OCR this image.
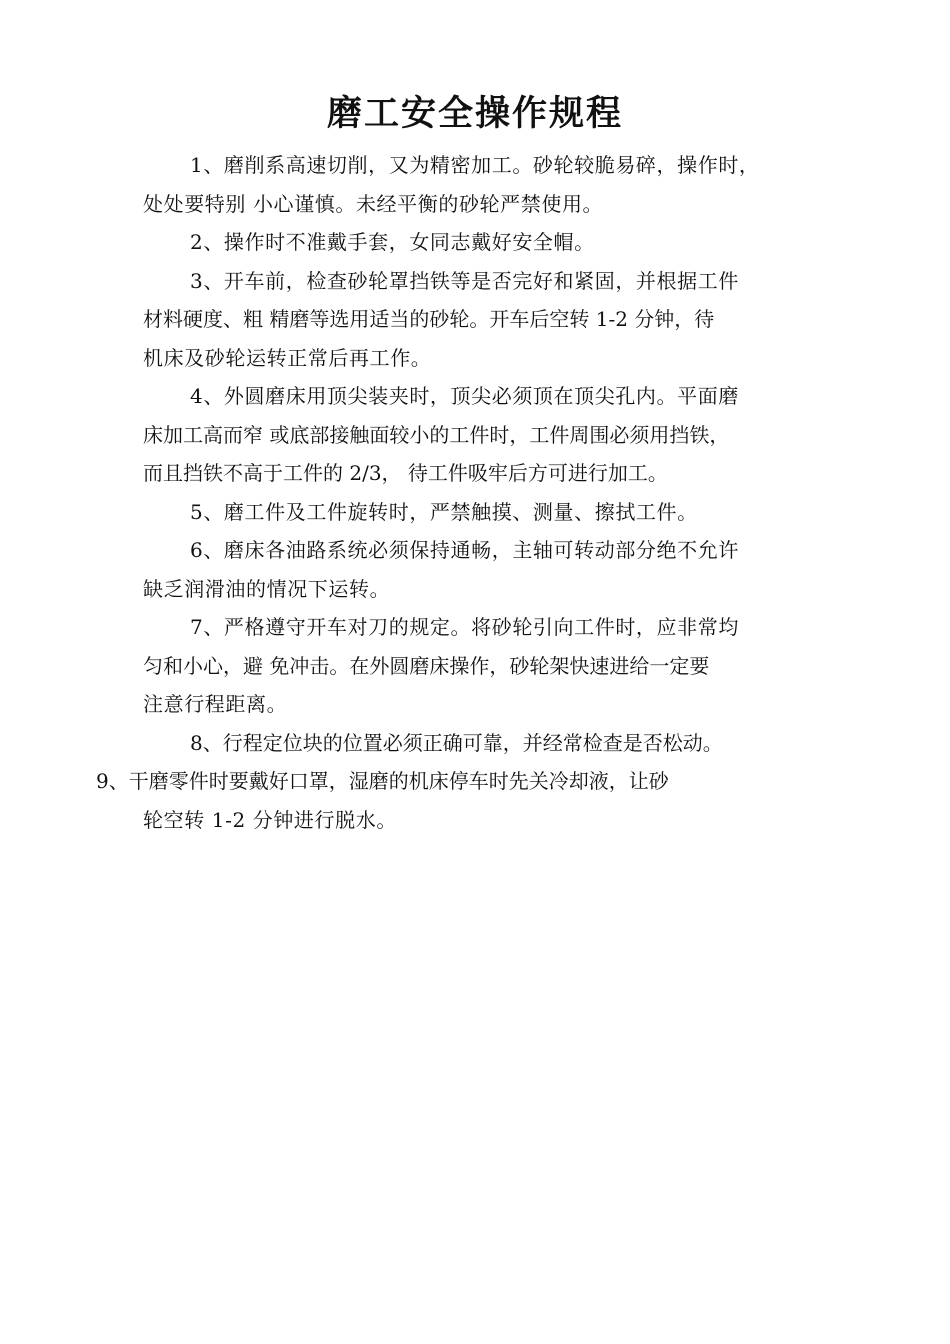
磨工安全操作规程
1、磨削系高速切削，又为精密加工。砂轮较脆易碎，操作时，
处处要特别 小心谨慎。未经平衡的砂轮严禁使用。
2、操作时不准戴手套，女同志戴好安全帽。
3、开车前，检查砂轮罩挡铁等是否完好和紧固，并根据工件
材料硬度、粗 精磨等选用适当的砂轮。开车后空转 1-2 分钟，待
机床及砂轮运转正常后再工作。
4、外圆磨床用顶尖装夹时，顶尖必须顶在顶尖孔内。平面磨
床加工高而窄 或底部接触面较小的工件时，工件周围必须用挡铁，
而且挡铁不高于工件的 2/3， 待工件吸牢后方可进行加工。
5、磨工件及工件旋转时，严禁触摸、测量、擦拭工件。
6、磨床各油路系统必须保持通畅，主轴可转动部分绝不允许
缺乏润滑油的情况下运转。
7、严格遵守开车对刀的规定。将砂轮引向工件时，应非常均
匀和小心，避 免冲击。在外圆磨床操作，砂轮架快速进给一定要
注意行程距离。
8、行程定位块的位置必须正确可靠，并经常检查是否松动。
9、干磨零件时要戴好口罩，湿磨的机床停车时先关冷却液，让砂
轮空转 1-2 分钟进行脱水。
